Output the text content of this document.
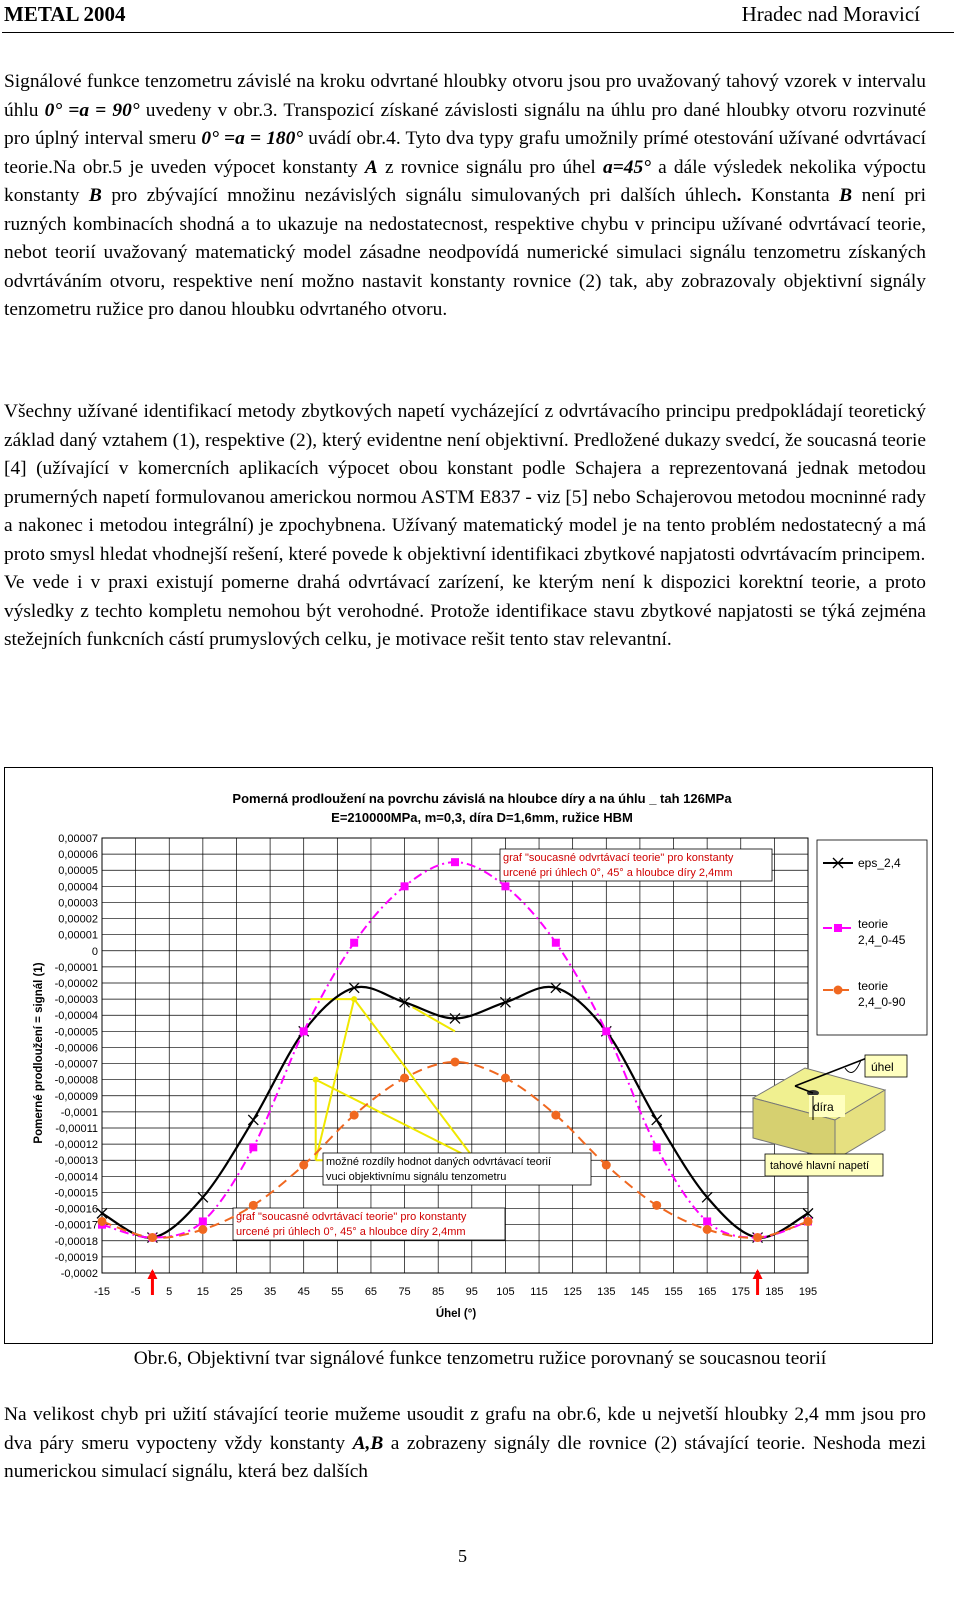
METAL 2004	Hradec nad Moravicí

Signálové funkce tenzometru závislé na kroku odvrtané hloubky otvoru jsou pro uvažovaný tahový vzorek v intervalu úhlu 0° =a = 90° uvedeny v obr.3. Transpozicí získané závislosti signálu na úhlu pro dané hloubky otvoru rozvinuté pro úplný interval smeru 0° =a = 180° uvádí obr.4. Tyto dva typy grafu umožnily prímé otestování užívané odvrtávací teorie.Na obr.5 je uveden výpocet konstanty A z rovnice signálu pro úhel a=45° a dále výsledek nekolika výpoctu konstanty B pro zbývající množinu nezávislých signálu simulovaných pri dalších úhlech. Konstanta B není pri ruzných kombinacích shodná a to ukazuje na nedostatecnost, respektive chybu v principu užívané odvrtávací teorie, nebot teorií uvažovaný matematický model zásadne neodpovídá numerické simulaci signálu tenzometru získaných odvrtáváním otvoru, respektive není možno nastavit konstanty rovnice (2) tak, aby zobrazovaly objektivní signály tenzometru ružice pro danou hloubku odvrtaného otvoru.

Všechny užívané identifikací metody zbytkových napetí vycházející z odvrtávacího principu predpokládají teoretický základ daný vztahem (1), respektive (2), který evidentne není objektivní. Predložené dukazy svedcí, že soucasná teorie [4] (užívající v komercních aplikacích výpocet obou konstant podle Schajera a reprezentovaná jednak metodou prumerných napetí formulovanou americkou normou ASTM E837 - viz [5] nebo Schajerovou metodou mocninné rady a nakonec i metodou integrální) je zpochybnena. Užívaný matematický model je na tento problém nedostatecný a má proto smysl hledat vhodnejší rešení, které povede k objektivní identifikaci zbytkové napjatosti odvrtávacím principem.
Ve vede i v praxi existují pomerne drahá odvrtávací zarízení, ke kterým není k dispozici korektní teorie, a proto výsledky z techto kompletu nemohou být verohodné. Protože identifikace stavu zbytkové napjatosti se týká zejména stežejních funkcních cástí prumyslových celku, je motivace rešit tento stav relevantní.

0,00007
0,00006
0,00005
0,00004
0,00003
0,00002
0,00001
0
-0,00001
-0,00002
-0,00003
-0,00004
-0,00005
-0,00006
-0,00007
-0,00008
-0,00009
-0,0001
-0,00011
-0,00012
-0,00013
-0,00014
-0,00015
-0,00016
-0,00017
-0,00018
-0,00019
-0,0002
-15 -5 5 15 25 35 45 55 65 75 85 95 105 115 125 135 145 155 165 175 185 195
Pomerná prodloužení na povrchu závislá na hloubce díry a na úhlu _ tah 126MPa
E=210000MPa, m=0,3, díra D=1,6mm, ružice HBM
Pomerné prodloužení = signál (1)
Úhel (°)
graf "soucasné odvrtávací teorie" pro konstanty
urcené pri úhlech 0°, 45° a hloubce díry 2,4mm
graf "soucasné odvrtávací teorie" pro konstanty
urcené pri úhlech 0°, 45° a hloubce díry 2,4mm
možné rozdíly hodnot daných odvrtávací teorií
vuci objektivnímu signálu tenzometru
eps_2,4
teorie
2,4_0-45
teorie
2,4_0-90
úhel
díra
tahové hlavní napetí
Obr.6, Objektivní tvar signálové funkce tenzometru ružice porovnaný se soucasnou teorií

Na velikost chyb pri užití stávající teorie mužeme usoudit z grafu na obr.6, kde u nejvetší hloubky 2,4 mm jsou pro dva páry smeru vypocteny vždy konstanty A,B a zobrazeny signály dle rovnice (2) stávající teorie. Neshoda mezi numerickou simulací signálu, která bez dalších

5
